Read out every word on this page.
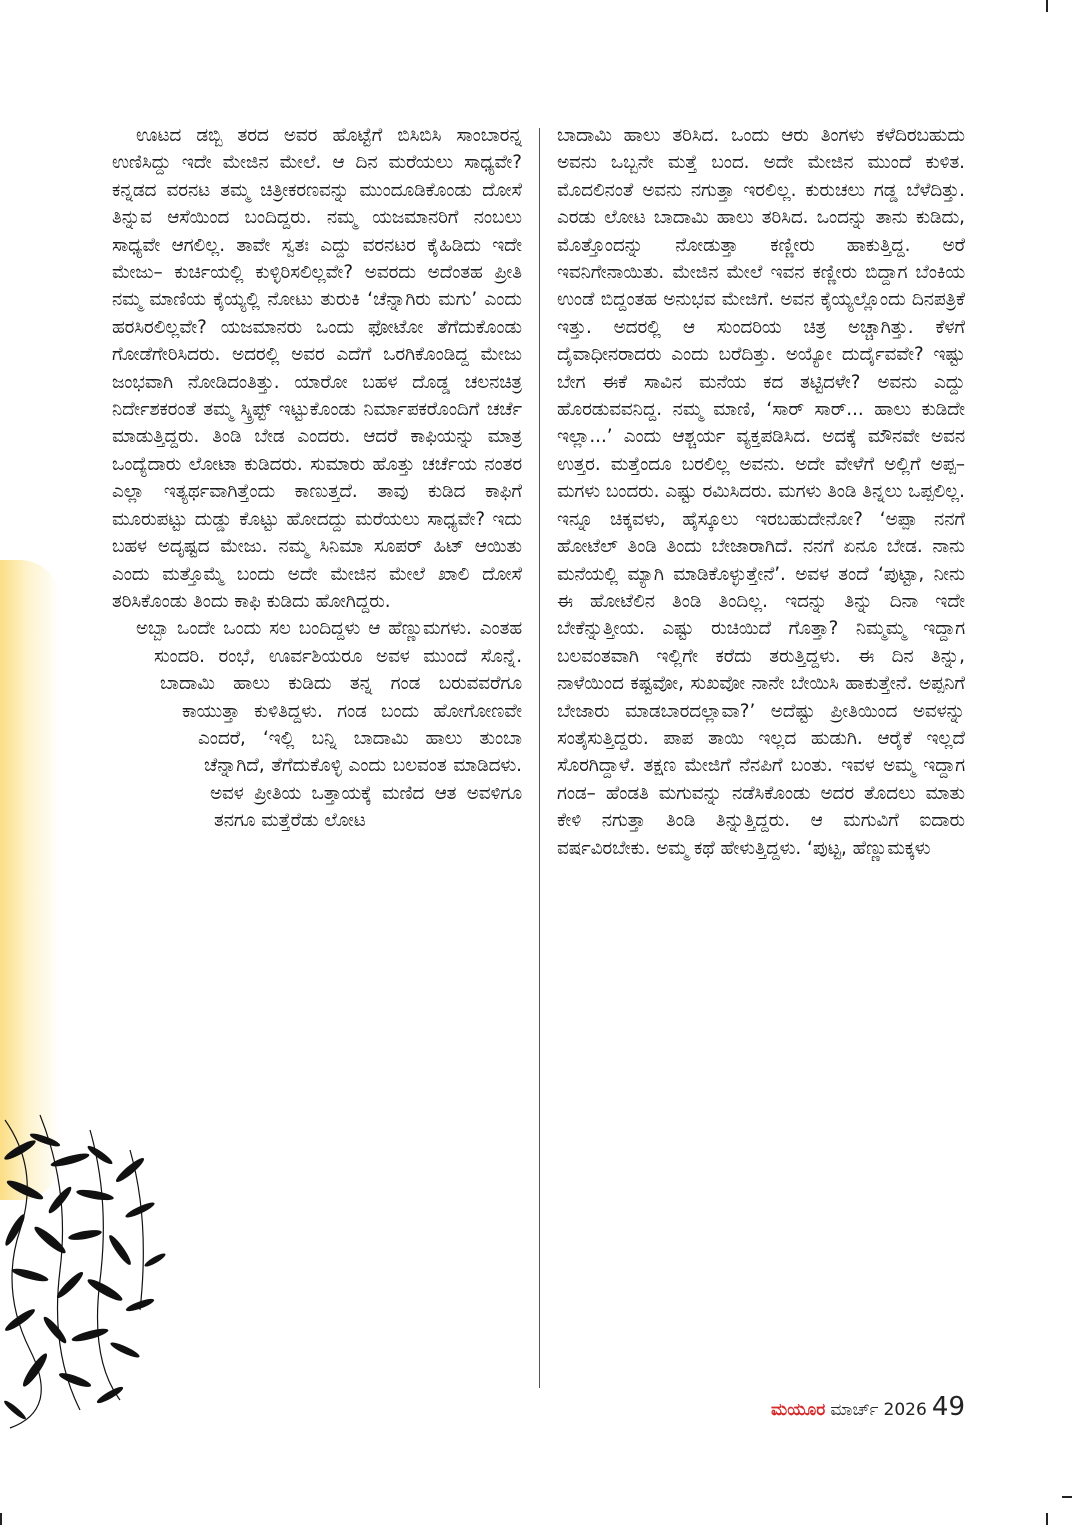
ಊಟದ ಡಬ್ಬಿ ತರದ ಅವರ ಹೊಟ್ಟೆಗೆ ಬಿಸಿಬಿಸಿ ಸಾಂಬಾರನ್ನ ಉಣಿಸಿದ್ದು ಇದೇ ಮೇಜಿನ ಮೇಲೆ. ಆ ದಿನ ಮರೆಯಲು ಸಾಧ್ಯವೇ? ಕನ್ನಡದ ವರನಟ ತಮ್ಮ ಚಿತ್ರೀಕರಣವನ್ನು ಮುಂದೂಡಿಕೊಂಡು ದೋಸೆ ತಿನ್ನುವ ಆಸೆಯಿಂದ ಬಂದಿದ್ದರು. ನಮ್ಮ ಯಜಮಾನರಿಗೆ ನಂಬಲು ಸಾಧ್ಯವೇ ಆಗಲಿಲ್ಲ. ತಾವೇ ಸ್ವತಃ ಎದ್ದು ವರನಟರ ಕೈಹಿಡಿದು ಇದೇ ಮೇಜು– ಕುರ್ಚಿಯಲ್ಲಿ ಕುಳ್ಳಿರಿಸಲಿಲ್ಲವೇ? ಅವರದು ಅದೆಂತಹ ಪ್ರೀತಿ ನಮ್ಮ ಮಾಣಿಯ ಕೈಯ್ಯಲ್ಲಿ ನೋಟು ತುರುಕಿ ‘ಚೆನ್ನಾಗಿರು ಮಗು’ ಎಂದು ಹರಸಿರಲಿಲ್ಲವೇ? ಯಜಮಾನರು ಒಂದು ಫೋಟೋ ತೆಗೆದುಕೊಂಡು ಗೋಡೆಗೇರಿಸಿದರು. ಅದರಲ್ಲಿ ಅವರ ಎದೆಗೆ ಒರಗಿಕೊಂಡಿದ್ದ ಮೇಜು ಜಂಭವಾಗಿ ನೋಡಿದಂತಿತ್ತು. ಯಾರೋ ಬಹಳ ದೊಡ್ಡ ಚಲನಚಿತ್ರ ನಿರ್ದೇಶಕರಂತೆ ತಮ್ಮ ಸ್ಕ್ರಿಪ್ಟ್ ಇಟ್ಟುಕೊಂಡು ನಿರ್ಮಾಪಕರೊಂದಿಗೆ ಚರ್ಚೆ ಮಾಡುತ್ತಿದ್ದರು. ತಿಂಡಿ ಬೇಡ ಎಂದರು. ಆದರೆ ಕಾಫಿಯನ್ನು ಮಾತ್ರ ಒಂದ್ಯೆದಾರು ಲೋಟಾ ಕುಡಿದರು. ಸುಮಾರು ಹೊತ್ತು ಚರ್ಚೆಯ ನಂತರ ಎಲ್ಲಾ ಇತ್ಯರ್ಥವಾಗಿತ್ತೆಂದು ಕಾಣುತ್ತದೆ. ತಾವು ಕುಡಿದ ಕಾಫಿಗೆ ಮೂರುಪಟ್ಟು ದುಡ್ಡು ಕೊಟ್ಟು ಹೋದದ್ದು ಮರೆಯಲು ಸಾಧ್ಯವೇ? ಇದು ಬಹಳ ಅದೃಷ್ಟದ ಮೇಜು. ನಮ್ಮ ಸಿನಿಮಾ ಸೂಪರ್ ಹಿಟ್ ಆಯಿತು ಎಂದು ಮತ್ತೊಮ್ಮೆ ಬಂದು ಅದೇ ಮೇಜಿನ ಮೇಲೆ ಖಾಲಿ ದೋಸೆ ತರಿಸಿಕೊಂಡು ತಿಂದು ಕಾಫಿ ಕುಡಿದು ಹೋಗಿದ್ದರು.

ಅಬ್ಬಾ ಒಂದೇ ಒಂದು ಸಲ ಬಂದಿದ್ದಳು ಆ ಹೆಣ್ಣುಮಗಳು. ಎಂತಹ ಸುಂದರಿ. ರಂಭೆ, ಊರ್ವಶಿಯರೂ ಅವಳ ಮುಂದೆ ಸೊನ್ನೆ. ಬಾದಾಮಿ ಹಾಲು ಕುಡಿದು ತನ್ನ ಗಂಡ ಬರುವವರೆಗೂ ಕಾಯುತ್ತಾ ಕುಳಿತಿದ್ದಳು. ಗಂಡ ಬಂದು ಹೋಗೋಣವೇ ಎಂದರೆ, ‘ಇಲ್ಲಿ ಬನ್ನಿ ಬಾದಾಮಿ ಹಾಲು ತುಂಬಾ ಚೆನ್ನಾಗಿದೆ, ತೆಗೆದುಕೊಳ್ಳಿ ಎಂದು ಬಲವಂತ ಮಾಡಿದಳು. ಅವಳ ಪ್ರೀತಿಯ ಒತ್ತಾಯಕ್ಕೆ ಮಣಿದ ಆತ ಅವಳಿಗೂ ತನಗೂ ಮತ್ತೆರೆಡು ಲೋಟ

ಬಾದಾಮಿ ಹಾಲು ತರಿಸಿದ. ಒಂದು ಆರು ತಿಂಗಳು ಕಳೆದಿರಬಹುದು ಅವನು ಒಬ್ಬನೇ ಮತ್ತೆ ಬಂದ. ಅದೇ ಮೇಜಿನ ಮುಂದೆ ಕುಳಿತ. ಮೊದಲಿನಂತೆ ಅವನು ನಗುತ್ತಾ ಇರಲಿಲ್ಲ. ಕುರುಚಲು ಗಡ್ಡ ಬೆಳೆದಿತ್ತು. ಎರಡು ಲೋಟ ಬಾದಾಮಿ ಹಾಲು ತರಿಸಿದ. ಒಂದನ್ನು ತಾನು ಕುಡಿದು, ಮೊತ್ತೊಂದನ್ನು ನೋಡುತ್ತಾ ಕಣ್ಣೀರು ಹಾಕುತ್ತಿದ್ದ. ಅರೆ ಇವನಿಗೇನಾಯಿತು. ಮೇಜಿನ ಮೇಲೆ ಇವನ ಕಣ್ಣೀರು ಬಿದ್ದಾಗ ಬೆಂಕಿಯ ಉಂಡೆ ಬಿದ್ದಂತಹ ಅನುಭವ ಮೇಜಿಗೆ. ಅವನ ಕೈಯ್ಯಲ್ಲೊಂದು ದಿನಪತ್ರಿಕೆ ಇತ್ತು. ಅದರಲ್ಲಿ ಆ ಸುಂದರಿಯ ಚಿತ್ರ ಅಚ್ಚಾಗಿತ್ತು. ಕೆಳಗೆ ದೈವಾಧೀನರಾದರು ಎಂದು ಬರೆದಿತ್ತು. ಅಯ್ಯೋ ದುರ್ದೈವವೇ? ಇಷ್ಟು ಬೇಗ ಈಕೆ ಸಾವಿನ ಮನೆಯ ಕದ ತಟ್ಟಿದಳೇ? ಅವನು ಎದ್ದು ಹೊರಡುವವನಿದ್ದ. ನಮ್ಮ ಮಾಣಿ, ‘ಸಾರ್ ಸಾರ್... ಹಾಲು ಕುಡಿದೇ ಇಲ್ಲಾ...’ ಎಂದು ಆಶ್ಚರ್ಯ ವ್ಯಕ್ತಪಡಿಸಿದ. ಅದಕ್ಕೆ ಮೌನವೇ ಅವನ ಉತ್ತರ. ಮತ್ತೆಂದೂ ಬರಲಿಲ್ಲ ಅವನು. ಅದೇ ವೇಳೆಗೆ ಅಲ್ಲಿಗೆ ಅಪ್ಪ– ಮಗಳು ಬಂದರು. ಎಷ್ಟು ರಮಿಸಿದರು. ಮಗಳು ತಿಂಡಿ ತಿನ್ನಲು ಒಪ್ಪಲಿಲ್ಲ. ಇನ್ನೂ ಚಿಕ್ಕವಳು, ಹೈಸ್ಕೂಲು ಇರಬಹುದೇನೋ? ‘ಅಪ್ಪಾ ನನಗೆ ಹೋಟೆಲ್ ತಿಂಡಿ ತಿಂದು ಬೇಜಾರಾಗಿದೆ. ನನಗೆ ಏನೂ ಬೇಡ. ನಾನು ಮನೆಯಲ್ಲಿ ಮ್ಯಾಗಿ ಮಾಡಿಕೊಳ್ಳುತ್ತೇನೆ’. ಅವಳ ತಂದೆ ‘ಪುಟ್ಟಾ, ನೀನು ಈ ಹೋಟೆಲಿನ ತಿಂಡಿ ತಿಂದಿಲ್ಲ. ಇದನ್ನು ತಿನ್ನು ದಿನಾ ಇದೇ ಬೇಕೆನ್ನುತ್ತೀಯ. ಎಷ್ಟು ರುಚಿಯಿದೆ ಗೊತ್ತಾ? ನಿಮ್ಮಮ್ಮ ಇದ್ದಾಗ ಬಲವಂತವಾಗಿ ಇಲ್ಲಿಗೇ ಕರೆದು ತರುತ್ತಿದ್ದಳು. ಈ ದಿನ ತಿನ್ನು, ನಾಳೆಯಿಂದ ಕಷ್ಟವೋ, ಸುಖವೋ ನಾನೇ ಬೇಯಿಸಿ ಹಾಕುತ್ತೇನೆ. ಅಪ್ಪನಿಗೆ ಬೇಜಾರು ಮಾಡಬಾರದಲ್ಲಾವಾ?’ ಅದೆಷ್ಟು ಪ್ರೀತಿಯಿಂದ ಅವಳನ್ನು ಸಂತೈಸುತ್ತಿದ್ದರು. ಪಾಪ ತಾಯಿ ಇಲ್ಲದ ಹುಡುಗಿ. ಆರೈಕೆ ಇಲ್ಲದೆ ಸೊರಗಿದ್ದಾಳೆ. ತಕ್ಷಣ ಮೇಜಿಗೆ ನೆನಪಿಗೆ ಬಂತು. ಇವಳ ಅಮ್ಮ ಇದ್ದಾಗ ಗಂಡ– ಹೆಂಡತಿ ಮಗುವನ್ನು ನಡೆಸಿಕೊಂಡು ಅದರ ತೊದಲು ಮಾತು ಕೇಳಿ ನಗುತ್ತಾ ತಿಂಡಿ ತಿನ್ನುತ್ತಿದ್ದರು. ಆ ಮಗುವಿಗೆ ಐದಾರು ವರ್ಷವಿರಬೇಕು. ಅಮ್ಮ ಕಥೆ ಹೇಳುತ್ತಿದ್ದಳು. ‘ಪುಟ್ಟ, ಹೆಣ್ಣುಮಕ್ಕಳು

ಮಯೂರ ಮಾರ್ಚ್ 2026 49
